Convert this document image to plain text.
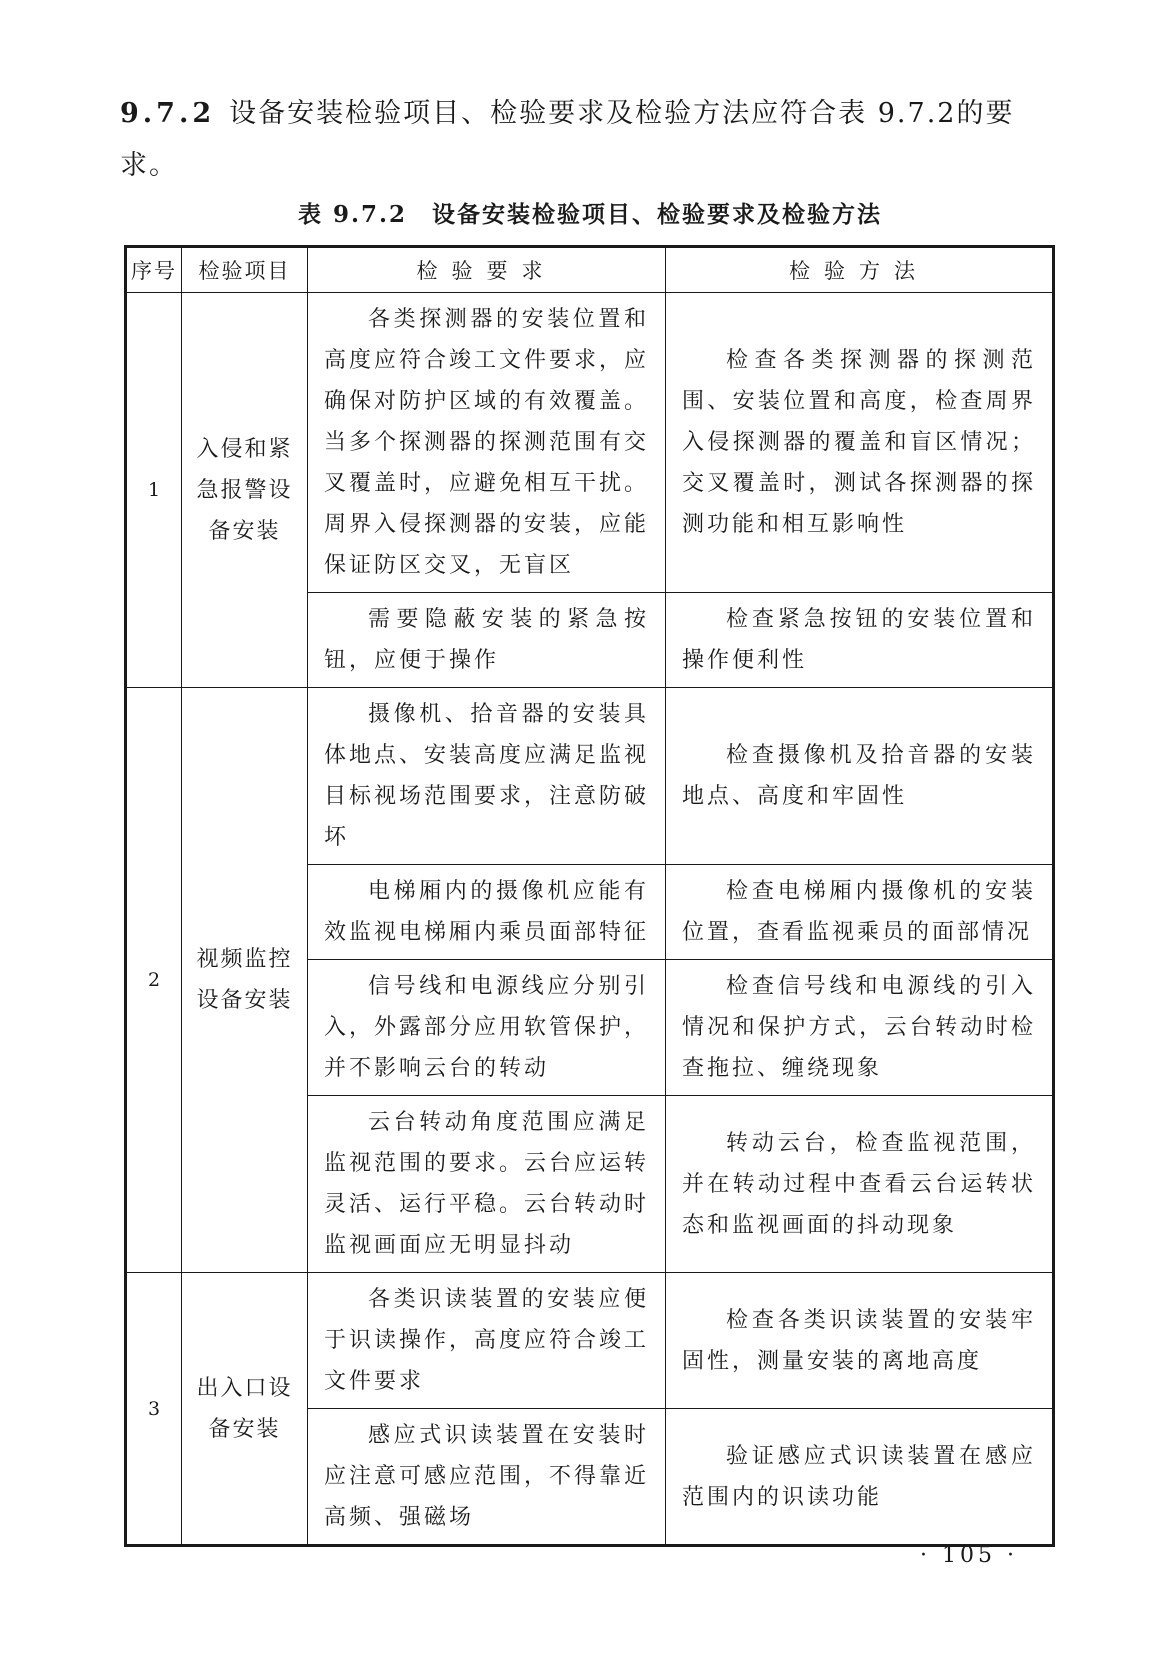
9.7.2 设备安装检验项目、检验要求及检验方法应符合表 9.7.2的要求。
表 9.7.2　设备安装检验项目、检验要求及检验方法
序号	检验项目	检验要求	检验方法
1	入侵和紧急报警设备安装	各类探测器的安装位置和高度应符合竣工文件要求，应确保对防护区域的有效覆盖。当多个探测器的探测范围有交叉覆盖时，应避免相互干扰。周界入侵探测器的安装，应能保证防区交叉，无盲区	检查各类探测器的探测范围、安装位置和高度，检查周界入侵探测器的覆盖和盲区情况；交叉覆盖时，测试各探测器的探测功能和相互影响性

		需要隐蔽安装的紧急按钮，应便于操作	检查紧急按钮的安装位置和操作便利性

2	视频监控设备安装	摄像机、拾音器的安装具体地点、安装高度应满足监视目标视场范围要求，注意防破坏	检查摄像机及拾音器的安装地点、高度和牢固性

		电梯厢内的摄像机应能有效监视电梯厢内乘员面部特征	检查电梯厢内摄像机的安装位置，查看监视乘员的面部情况

		信号线和电源线应分别引入，外露部分应用软管保护，并不影响云台的转动	检查信号线和电源线的引入情况和保护方式，云台转动时检查拖拉、缠绕现象

		云台转动角度范围应满足监视范围的要求。云台应运转灵活、运行平稳。云台转动时监视画面应无明显抖动	转动云台，检查监视范围，并在转动过程中查看云台运转状态和监视画面的抖动现象

3	出入口设备安装	各类识读装置的安装应便于识读操作，高度应符合竣工文件要求	检查各类识读装置的安装牢固性，测量安装的离地高度

		感应式识读装置在安装时应注意可感应范围，不得靠近高频、强磁场	验证感应式识读装置在感应范围内的识读功能
· 105 ·
